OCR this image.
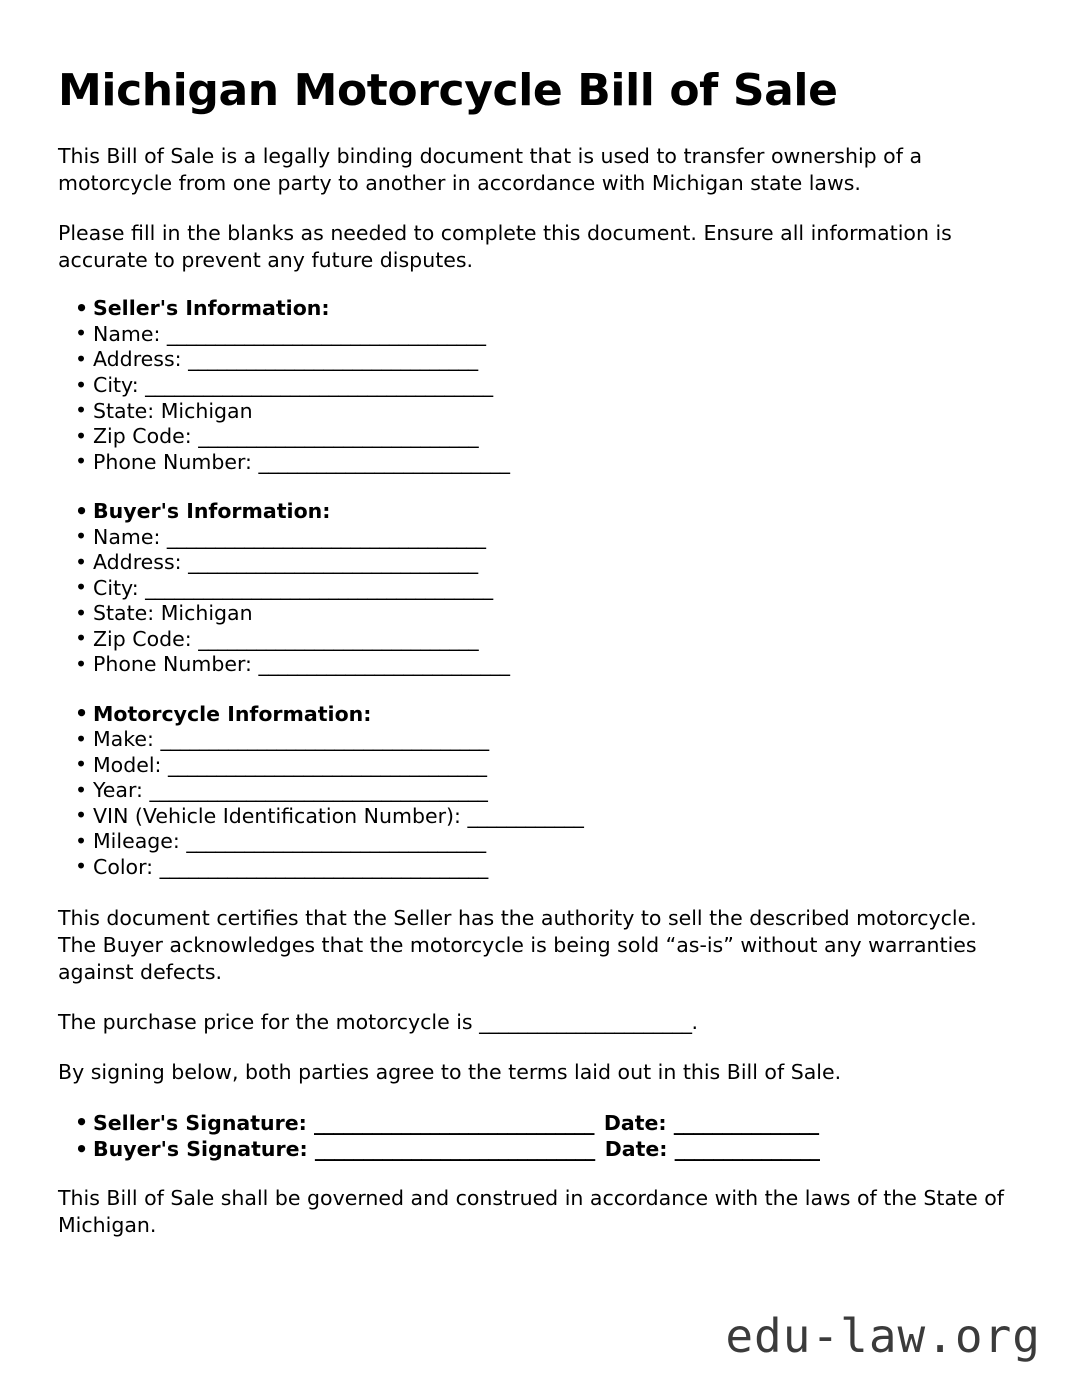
Michigan Motorcycle Bill of Sale

This Bill of Sale is a legally binding document that is used to transfer ownership of a motorcycle from one party to another in accordance with Michigan state laws.

Please fill in the blanks as needed to complete this document. Ensure all information is accurate to prevent any future disputes.

• Seller's Information:
• Name: _________________________________
• Address: ______________________________
• City: ____________________________________
• State: Michigan
• Zip Code: _____________________________
• Phone Number: __________________________
• Buyer's Information:
• Name: _________________________________
• Address: ______________________________
• City: ____________________________________
• State: Michigan
• Zip Code: _____________________________
• Phone Number: __________________________
• Motorcycle Information:
• Make: __________________________________
• Model: _________________________________
• Year: ___________________________________
• VIN (Vehicle Identification Number): ____________
• Mileage: _______________________________
• Color: __________________________________

This document certifies that the Seller has the authority to sell the described motorcycle. The Buyer acknowledges that the motorcycle is being sold “as-is” without any warranties against defects.

The purchase price for the motorcycle is ______________________.

By signing below, both parties agree to the terms laid out in this Bill of Sale.

• Seller's Signature: _____________________________ Date: _______________
• Buyer's Signature: _____________________________ Date: _______________

This Bill of Sale shall be governed and construed in accordance with the laws of the State of Michigan.

edu-law.org
